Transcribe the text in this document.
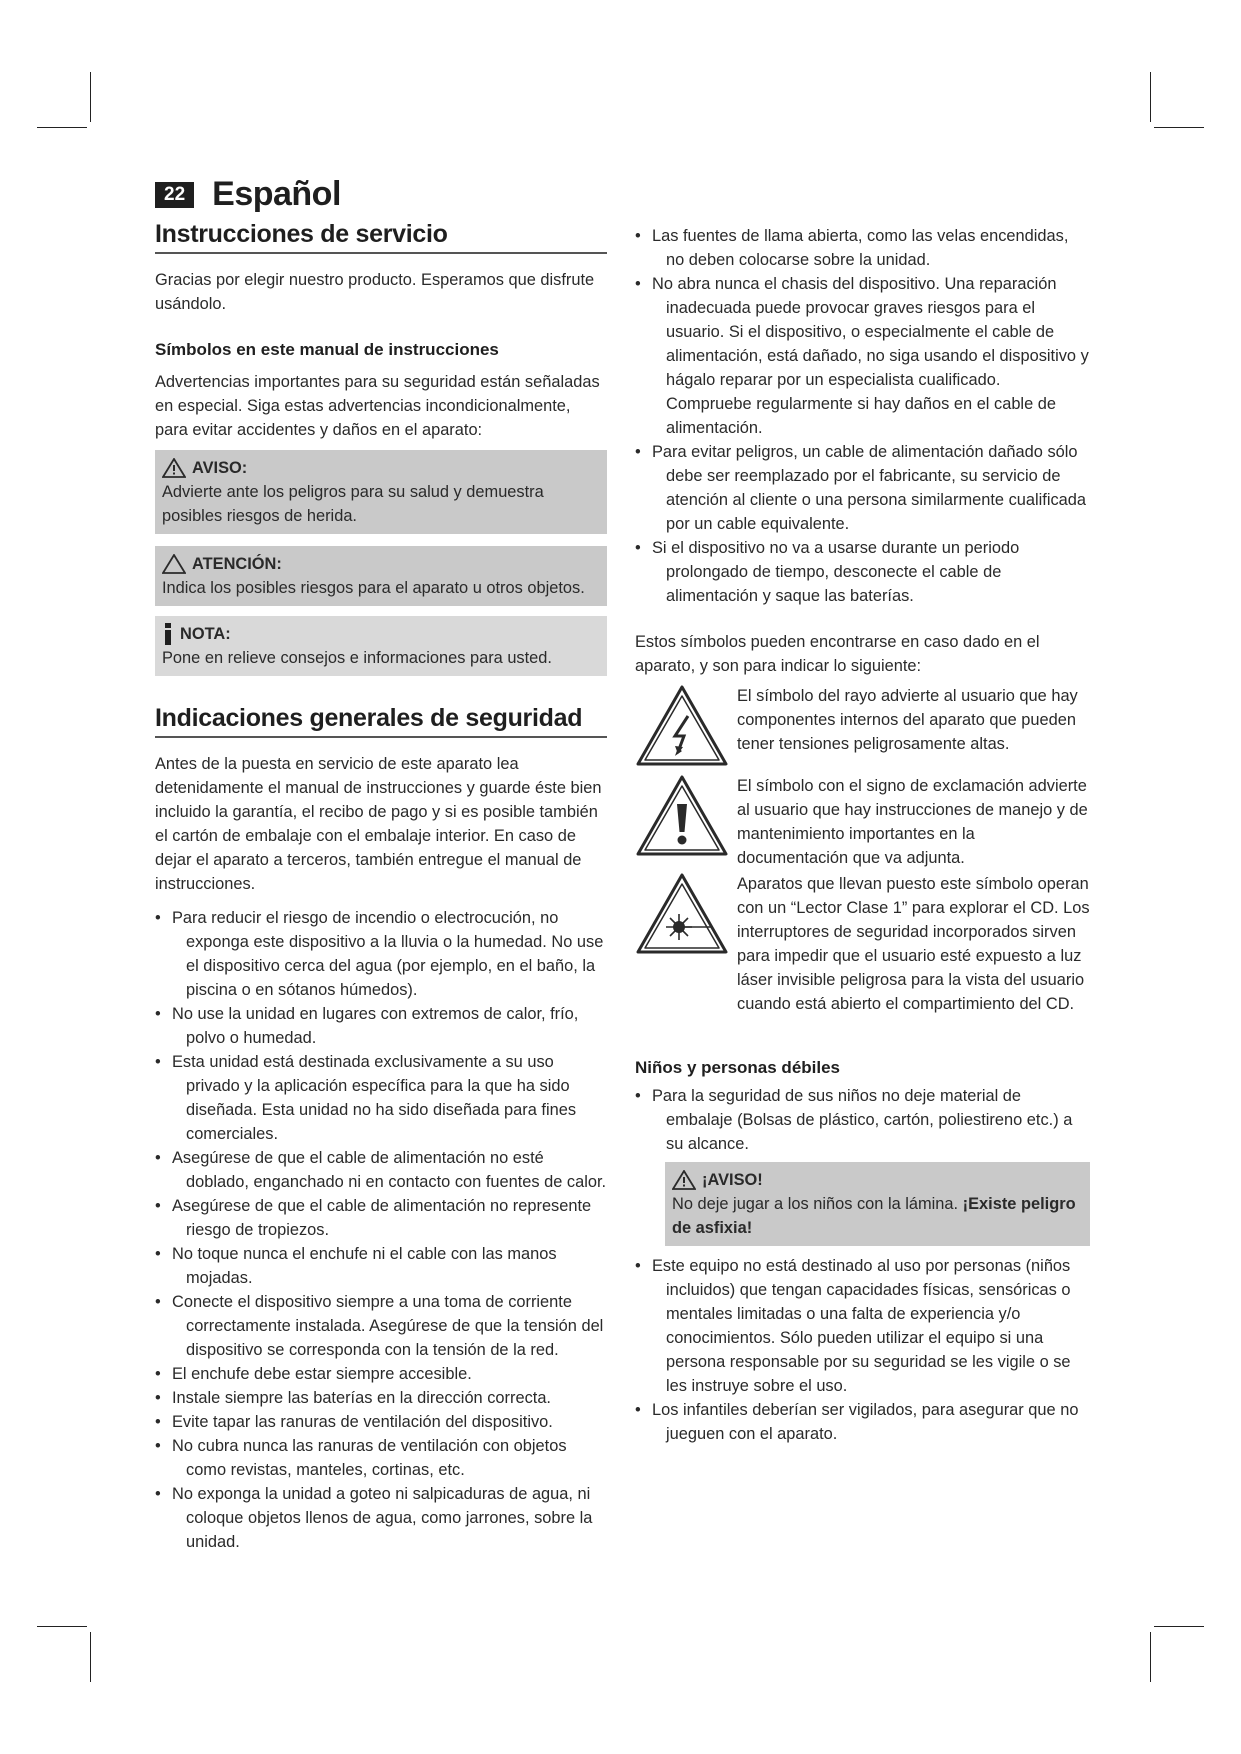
22 Español
Instrucciones de servicio

Gracias por elegir nuestro producto. Esperamos que disfrute usándolo.

Símbolos en este manual de instrucciones

Advertencias importantes para su seguridad están señaladas en especial. Siga estas advertencias incondicionalmente, para evitar accidentes y daños en el aparato:

AVISO:

Advierte ante los peligros para su salud y demuestra posibles riesgos de herida.

ATENCIÓN:

Indica los posibles riesgos para el aparato u otros objetos.

NOTA:

Pone en relieve consejos e informaciones para usted.

Indicaciones generales de seguridad

Antes de la puesta en servicio de este aparato lea detenidamente el manual de instrucciones y guarde éste bien incluido la garantía, el recibo de pago y si es posible también el cartón de embalaje con el embalaje interior. En caso de dejar el aparato a terceros, también entregue el manual de instrucciones.

• Para reducir el riesgo de incendio o electrocución, no exponga este dispositivo a la lluvia o la humedad. No use el dispositivo cerca del agua (por ejemplo, en el baño, la piscina o en sótanos húmedos).
• No use la unidad en lugares con extremos de calor, frío, polvo o humedad.
• Esta unidad está destinada exclusivamente a su uso privado y la aplicación específica para la que ha sido diseñada. Esta unidad no ha sido diseñada para fines comerciales.
• Asegúrese de que el cable de alimentación no esté doblado, enganchado ni en contacto con fuentes de calor.
• Asegúrese de que el cable de alimentación no represente riesgo de tropiezos.
• No toque nunca el enchufe ni el cable con las manos mojadas.
• Conecte el dispositivo siempre a una toma de corriente correctamente instalada. Asegúrese de que la tensión del dispositivo se corresponda con la tensión de la red.
• El enchufe debe estar siempre accesible.
• Instale siempre las baterías en la dirección correcta.
• Evite tapar las ranuras de ventilación del dispositivo.
• No cubra nunca las ranuras de ventilación con objetos como revistas, manteles, cortinas, etc.
• No exponga la unidad a goteo ni salpicaduras de agua, ni coloque objetos llenos de agua, como jarrones, sobre la unidad.
• Las fuentes de llama abierta, como las velas encendidas, no deben colocarse sobre la unidad.
• No abra nunca el chasis del dispositivo. Una reparación inadecuada puede provocar graves riesgos para el usuario. Si el dispositivo, o especialmente el cable de alimentación, está dañado, no siga usando el dispositivo y hágalo reparar por un especialista cualificado. Compruebe regularmente si hay daños en el cable de alimentación.
• Para evitar peligros, un cable de alimentación dañado sólo debe ser reemplazado por el fabricante, su servicio de atención al cliente o una persona similarmente cualificada por un cable equivalente.
• Si el dispositivo no va a usarse durante un periodo prolongado de tiempo, desconecte el cable de alimentación y saque las baterías.

Estos símbolos pueden encontrarse en caso dado en el aparato, y son para indicar lo siguiente:

El símbolo del rayo advierte al usuario que hay componentes internos del aparato que pueden tener tensiones peligrosamente altas.
El símbolo con el signo de exclamación advierte al usuario que hay instrucciones de manejo y de mantenimiento importantes en la documentación que va adjunta.
Aparatos que llevan puesto este símbolo operan con un “Lector Clase 1” para explorar el CD. Los interruptores de seguridad incorporados sirven para impedir que el usuario esté expuesto a luz láser invisible peligrosa para la vista del usuario cuando está abierto el compartimiento del CD.
Niños y personas débiles
• Para la seguridad de sus niños no deje material de embalaje (Bolsas de plástico, cartón, poliestireno etc.) a su alcance.
¡AVISO!

No deje jugar a los niños con la lámina. ¡Existe peligro de asfixia!

• Este equipo no está destinado al uso por personas (niños incluidos) que tengan capacidades físicas, sensóricas o mentales limitadas o una falta de experiencia y/o conocimientos. Sólo pueden utilizar el equipo si una persona responsable por su seguridad se les vigile o se les instruye sobre el uso.
• Los infantiles deberían ser vigilados, para asegurar que no jueguen con el aparato.
